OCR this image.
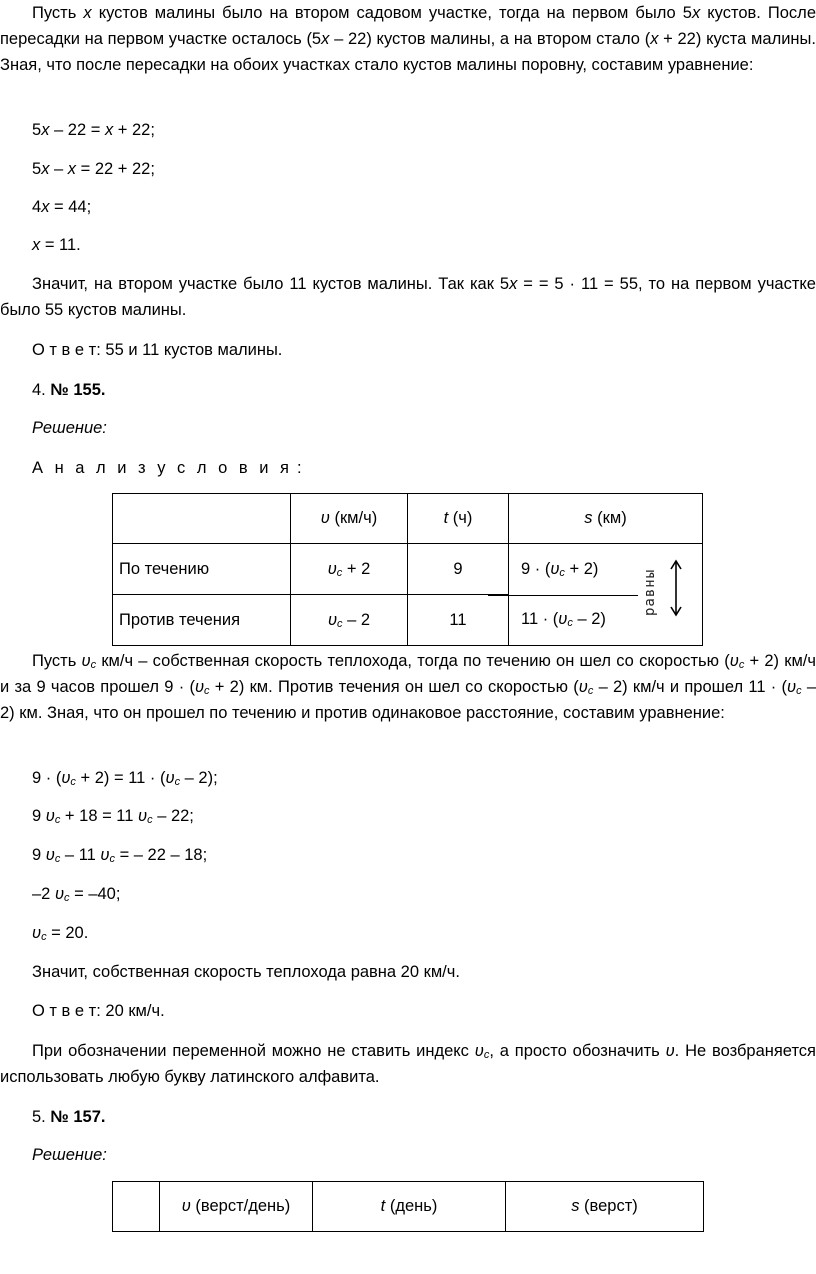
Пусть x кустов малины было на втором садовом участке, тогда на первом было 5x кустов. После пересадки на первом участке осталось (5x – 22) кустов малины, а на втором стало (x + 22) куста малины. Зная, что после пересадки на обоих участках стало кустов малины поровну, составим уравнение:
5x – 22 = x + 22;
5x – x = 22 + 22;
4x = 44;
x = 11.
Значит, на втором участке было 11 кустов малины. Так как 5x = = 5 · 11 = 55, то на первом участке было 55 кустов малины.
О т в е т: 55 и 11 кустов малины.
4. № 155.
Решение:
А н а л и з у с л о в и я :
	υ (км/ч)	t (ч)	s (км)
По течению	$\upsilon_c + 2$	9	$9 \cdot (\upsilon_c + 2)$
Против течения	$\upsilon_c - 2$	11	$11 \cdot (\upsilon_c - 2)$
равны
Пусть $\upsilon_c$ км/ч – собственная скорость теплохода, тогда по течению он шел со скоростью $(\upsilon_c + 2)$ км/ч и за 9 часов прошел $9 \cdot (\upsilon_c + 2)$ км. Против течения он шел со скоростью $(\upsilon_c - 2)$ км/ч и прошел $11 \cdot (\upsilon_c - 2)$ км. Зная, что он прошел по течению и против одинаковое расстояние, составим уравнение:
$9 \cdot (\upsilon_c + 2) = 11 \cdot (\upsilon_c - 2)$;
9 $\upsilon_c + 18 = 11$ $\upsilon_c - 22$;
9 $\upsilon_c - 11$ $\upsilon_c$ = – 22 – 18;
–2 $\upsilon_c = -40$;
$\upsilon_c = 20$.
Значит, собственная скорость теплохода равна 20 км/ч.
О т в е т: 20 км/ч.
При обозначении переменной можно не ставить индекс $\upsilon_c$, а просто обозначить υ. Не возбраняется использовать любую букву латинского алфавита.
5. № 157.
Решение:
	υ (верст/день)	t (день)	s (верст)
